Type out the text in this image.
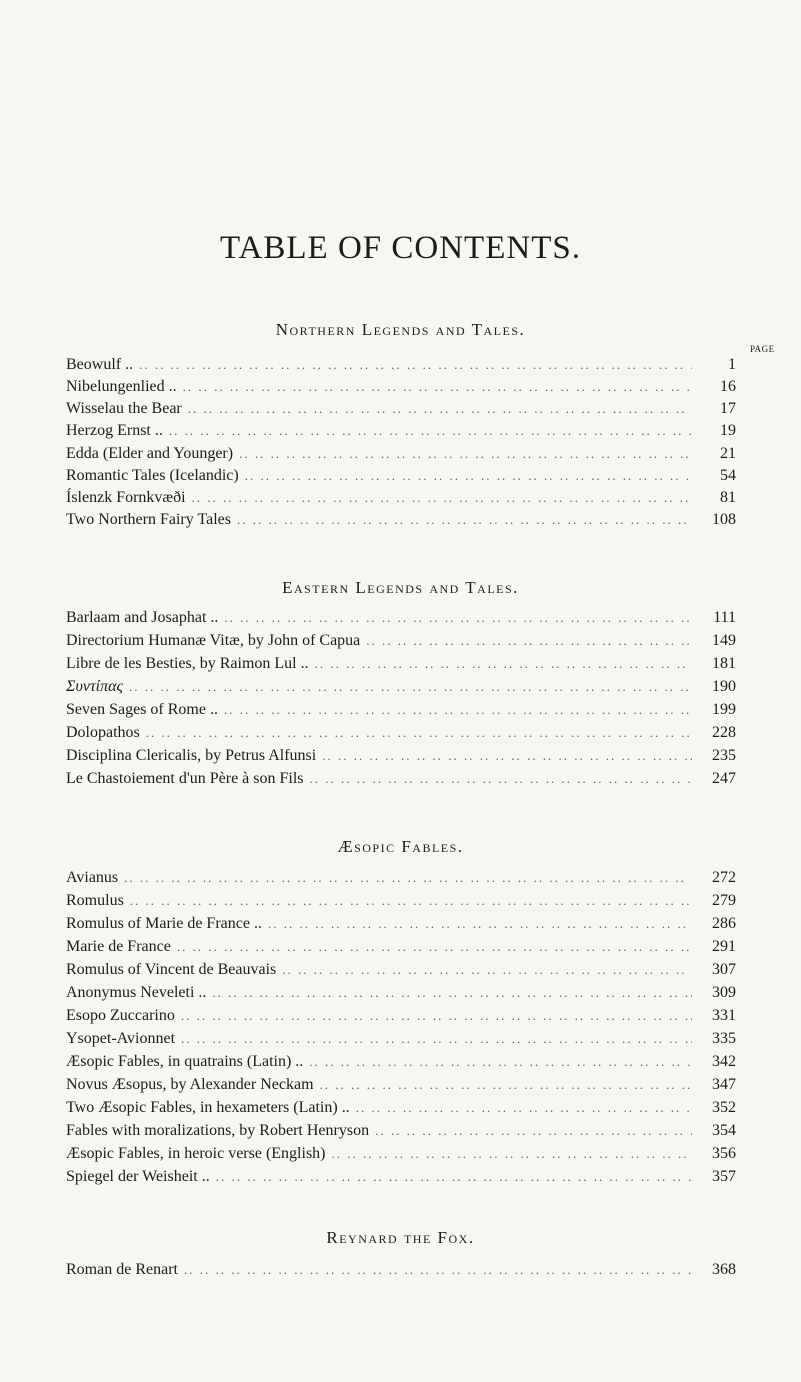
TABLE OF CONTENTS.
Northern Legends and Tales.
PAGE
Beowulf .. .. ..	1
Nibelungenlied .. .. ..	16
Wisselau the Bear .. ..	17
Herzog Ernst .. .. ..	19
Edda (Elder and Younger) .. ..	21
Romantic Tales (Icelandic) .. ..	54
Íslenzk Fornkvæði .. ..	81
Two Northern Fairy Tales .. ..	108
Eastern Legends and Tales.
Barlaam and Josaphat .. .. ..	111
Directorium Humanæ Vitæ, by John of Capua .. ..	149
Libre de les Besties, by Raimon Lul .. .. ..	181
Συντίπας .. ..	190
Seven Sages of Rome .. .. ..	199
Dolopathos .. ..	228
Disciplina Clericalis, by Petrus Alfunsi .. ..	235
Le Chastoiement d'un Père à son Fils .. ..	247
Æsopic Fables.
Avianus .. ..	272
Romulus .. ..	279
Romulus of Marie de France .. .. ..	286
Marie de France .. ..	291
Romulus of Vincent de Beauvais .. ..	307
Anonymus Neveleti .. .. ..	309
Esopo Zuccarino .. ..	331
Ysopet-Avionnet .. ..	335
Æsopic Fables, in quatrains (Latin) .. .. ..	342
Novus Æsopus, by Alexander Neckam .. ..	347
Two Æsopic Fables, in hexameters (Latin) .. .. ..	352
Fables with moralizations, by Robert Henryson .. ..	354
Æsopic Fables, in heroic verse (English) .. ..	356
Spiegel der Weisheit .. .. ..	357
Reynard the Fox.
Roman de Renart .. ..	368
